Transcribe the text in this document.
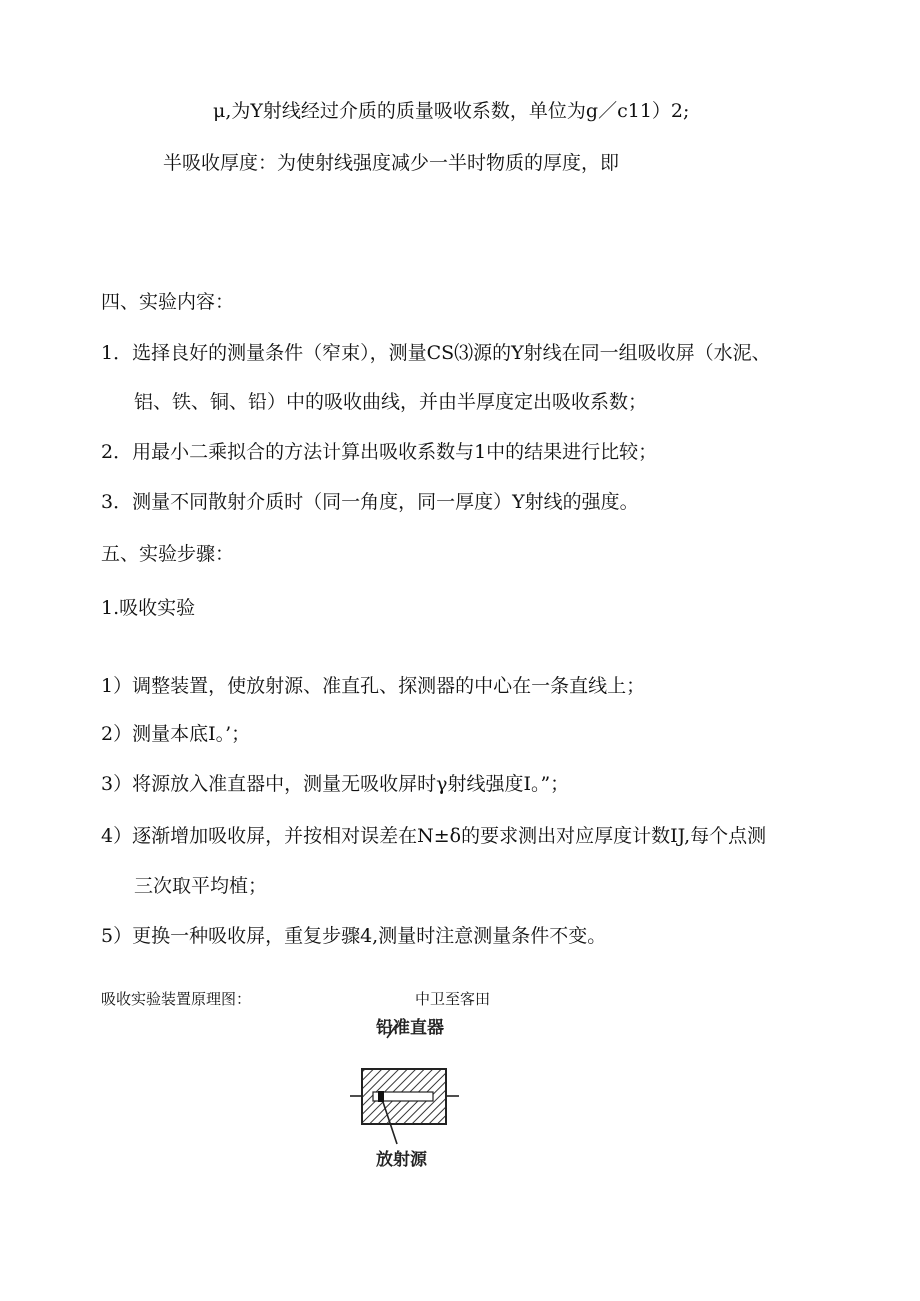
μ,为Y射线经过介质的质量吸收系数，单位为g／c11）2;
半吸收厚度：为使射线强度减少一半时物质的厚度，即
四、实验内容：
1．选择良好的测量条件（窄束），测量CS⑶源的Y射线在同一组吸收屏（水泥、
铝、铁、铜、铅）中的吸收曲线，并由半厚度定出吸收系数；
2．用最小二乘拟合的方法计算出吸收系数与1中的结果进行比较；
3．测量不同散射介质时（同一角度，同一厚度）Y射线的强度。
五、实验步骤：
1.吸收实验
1）调整装置，使放射源、准直孔、探测器的中心在一条直线上；
2）测量本底I。’；
3）将源放入准直器中，测量无吸收屏时γ射线强度I。”；
4）逐渐增加吸收屏，并按相对误差在N±δ的要求测出对应厚度计数IJ,每个点测
三次取平均植；
5）更换一种吸收屏，重复步骤4,测量时注意测量条件不变。
吸收实验装置原理图：	中卫至客田
铅准直器
放射源
